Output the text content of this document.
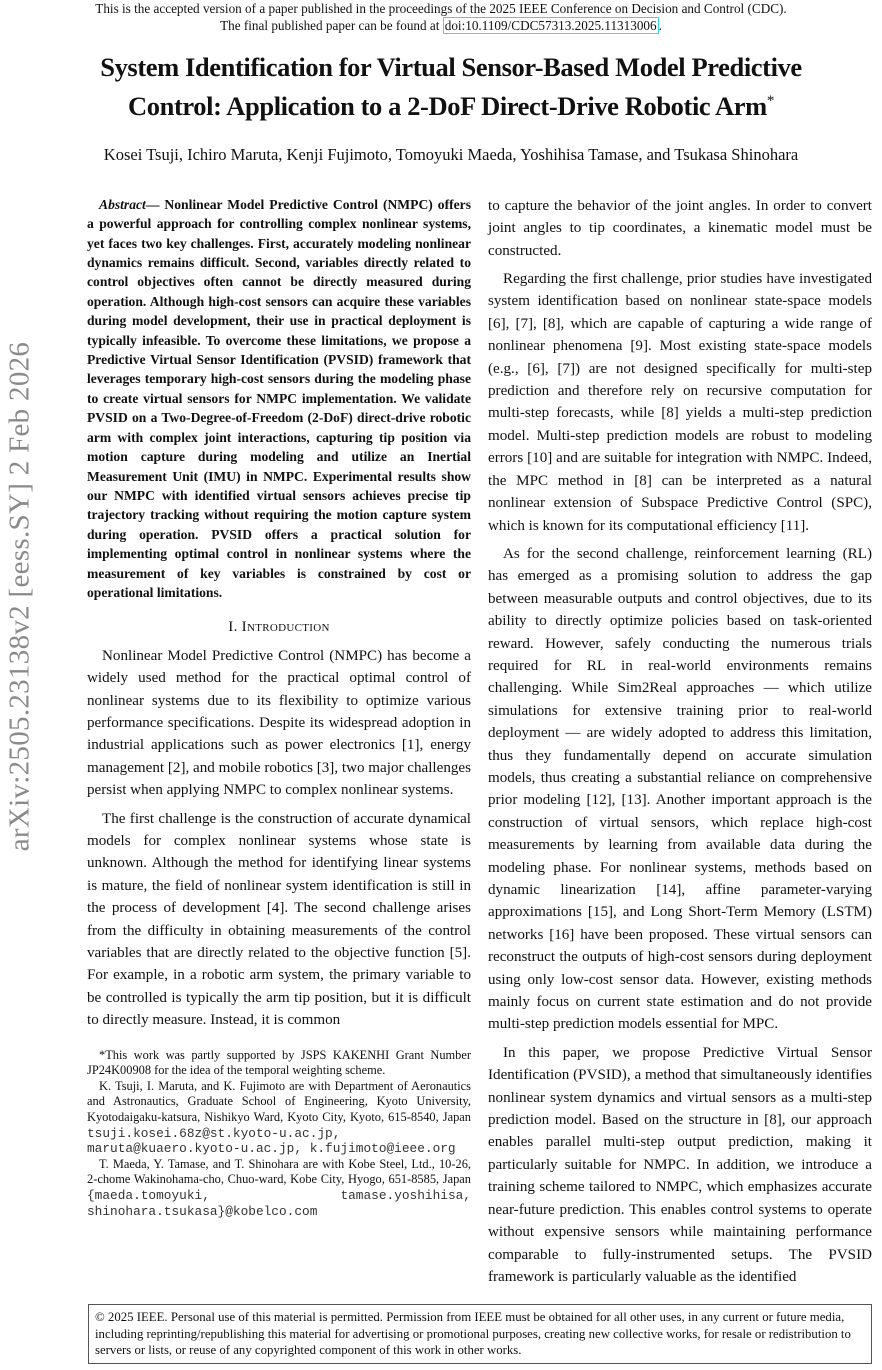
This is the accepted version of a paper published in the proceedings of the 2025 IEEE Conference on Decision and Control (CDC).
The final published paper can be found at doi:10.1109/CDC57313.2025.11313006 .
System Identification for Virtual Sensor-Based Model Predictive Control: Application to a 2-DoF Direct-Drive Robotic Arm*
Kosei Tsuji, Ichiro Maruta, Kenji Fujimoto, Tomoyuki Maeda, Yoshihisa Tamase, and Tsukasa Shinohara
arXiv:2505.23138v2 [eess.SY] 2 Feb 2026

Abstract— Nonlinear Model Predictive Control (NMPC) offers a powerful approach for controlling complex nonlinear systems, yet faces two key challenges. First, accurately modeling nonlinear dynamics remains difficult. Second, variables directly related to control objectives often cannot be directly measured during operation. Although high-cost sensors can acquire these variables during model development, their use in practical deployment is typically infeasible. To overcome these limitations, we propose a Predictive Virtual Sensor Identification (PVSID) framework that leverages temporary high-cost sensors during the modeling phase to create virtual sensors for NMPC implementation. We validate PVSID on a Two-Degree-of-Freedom (2-DoF) direct-drive robotic arm with complex joint interactions, capturing tip position via motion capture during modeling and utilize an Inertial Measurement Unit (IMU) in NMPC. Experimental results show our NMPC with identified virtual sensors achieves precise tip trajectory tracking without requiring the motion capture system during operation. PVSID offers a practical solution for implementing optimal control in nonlinear systems where the measurement of key variables is constrained by cost or operational limitations.

I. Introduction

Nonlinear Model Predictive Control (NMPC) has become a widely used method for the practical optimal control of nonlinear systems due to its flexibility to optimize various performance specifications. Despite its widespread adoption in industrial applications such as power electronics [1], energy management [2], and mobile robotics [3], two major challenges persist when applying NMPC to complex nonlinear systems.

The first challenge is the construction of accurate dynamical models for complex nonlinear systems whose state is unknown. Although the method for identifying linear systems is mature, the field of nonlinear system identification is still in the process of development [4]. The second challenge arises from the difficulty in obtaining measurements of the control variables that are directly related to the objective function [5]. For example, in a robotic arm system, the primary variable to be controlled is typically the arm tip position, but it is difficult to directly measure. Instead, it is common

*This work was partly supported by JSPS KAKENHI Grant Number JP24K00908 for the idea of the temporal weighting scheme.

K. Tsuji, I. Maruta, and K. Fujimoto are with Department of Aeronautics and Astronautics, Graduate School of Engineering, Kyoto University, Kyotodaigaku-katsura, Nishikyo Ward, Kyoto City, Kyoto, 615-8540, Japan tsuji.kosei.68z@st.kyoto-u.ac.jp, maruta@kuaero.kyoto-u.ac.jp, k.fujimoto@ieee.org

T. Maeda, Y. Tamase, and T. Shinohara are with Kobe Steel, Ltd., 10-26, 2-chome Wakinohama-cho, Chuo-ward, Kobe City, Hyogo, 651-8585, Japan {maeda.tomoyuki, tamase.yoshihisa, shinohara.tsukasa}@kobelco.com

to capture the behavior of the joint angles. In order to convert joint angles to tip coordinates, a kinematic model must be constructed.

Regarding the first challenge, prior studies have investigated system identification based on nonlinear state-space models [6], [7], [8], which are capable of capturing a wide range of nonlinear phenomena [9]. Most existing state-space models (e.g., [6], [7]) are not designed specifically for multi-step prediction and therefore rely on recursive computation for multi-step forecasts, while [8] yields a multi-step prediction model. Multi-step prediction models are robust to modeling errors [10] and are suitable for integration with NMPC. Indeed, the MPC method in [8] can be interpreted as a natural nonlinear extension of Subspace Predictive Control (SPC), which is known for its computational efficiency [11].

As for the second challenge, reinforcement learning (RL) has emerged as a promising solution to address the gap between measurable outputs and control objectives, due to its ability to directly optimize policies based on task-oriented reward. However, safely conducting the numerous trials required for RL in real-world environments remains challenging. While Sim2Real approaches — which utilize simulations for extensive training prior to real-world deployment — are widely adopted to address this limitation, thus they fundamentally depend on accurate simulation models, thus creating a substantial reliance on comprehensive prior modeling [12], [13]. Another important approach is the construction of virtual sensors, which replace high-cost measurements by learning from available data during the modeling phase. For nonlinear systems, methods based on dynamic linearization [14], affine parameter-varying approximations [15], and Long Short-Term Memory (LSTM) networks [16] have been proposed. These virtual sensors can reconstruct the outputs of high-cost sensors during deployment using only low-cost sensor data. However, existing methods mainly focus on current state estimation and do not provide multi-step prediction models essential for MPC.

In this paper, we propose Predictive Virtual Sensor Identification (PVSID), a method that simultaneously identifies nonlinear system dynamics and virtual sensors as a multi-step prediction model. Based on the structure in [8], our approach enables parallel multi-step output prediction, making it particularly suitable for NMPC. In addition, we introduce a training scheme tailored to NMPC, which emphasizes accurate near-future prediction. This enables control systems to operate without expensive sensors while maintaining performance comparable to fully-instrumented setups. The PVSID framework is particularly valuable as the identified

© 2025 IEEE. Personal use of this material is permitted. Permission from IEEE must be obtained for all other uses, in any current or future media, including reprinting/republishing this material for advertising or promotional purposes, creating new collective works, for resale or redistribution to servers or lists, or reuse of any copyrighted component of this work in other works.
